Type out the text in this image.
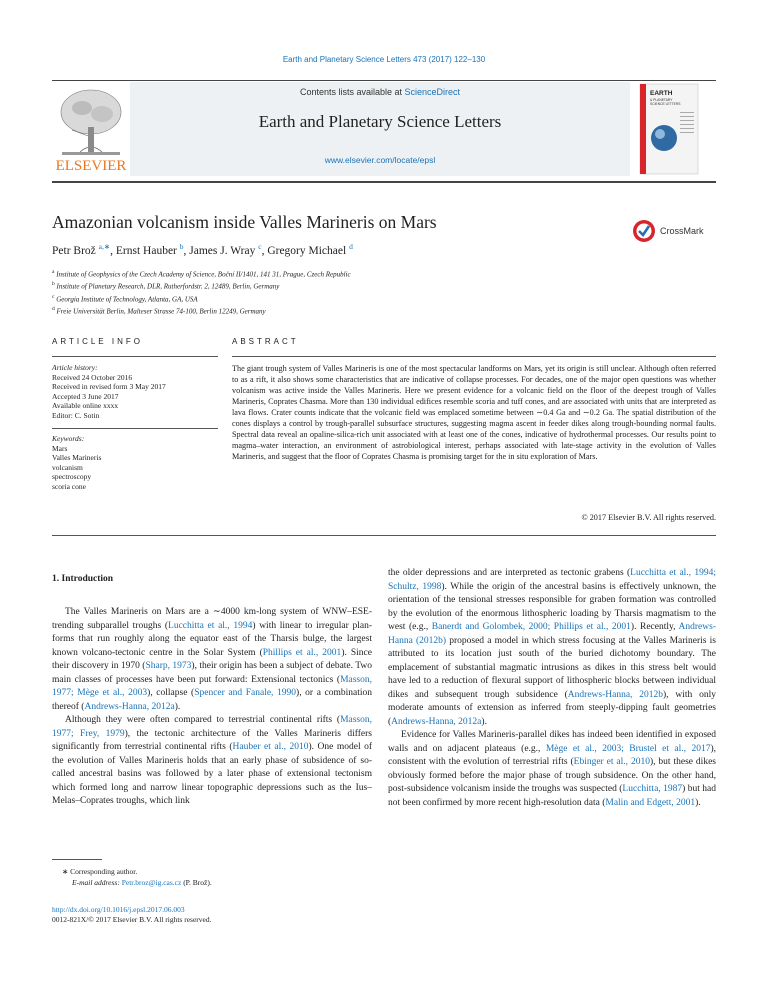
Earth and Planetary Science Letters 473 (2017) 122–130
ELSEVIER
Contents lists available at ScienceDirect
Earth and Planetary Science Letters
www.elsevier.com/locate/epsl
EARTH
& PLANETARY
SCIENCE LETTERS
Amazonian volcanism inside Valles Marineris on Mars	CrossMark
Petr Brož $^{a,∗}$, Ernst Hauber $^b$, James J. Wray $^c$, Gregory Michael $^d$
$^a$ Institute of Geophysics of the Czech Academy of Science, Boční II/1401, 141 31, Prague, Czech Republic
$^b$ Institute of Planetary Research, DLR, Rutherfordstr. 2, 12489, Berlin, Germany
$^c$ Georgia Institute of Technology, Atlanta, GA, USA
$^d$ Freie Universität Berlin, Malteser Strasse 74-100, Berlin 12249, Germany
ARTICLE INFO	ABSTRACT
Article history:
Received 24 October 2016
Received in revised form 3 May 2017
Accepted 3 June 2017
Available online xxxx
Editor: C. Sotin
Keywords:
Mars
Valles Marineris
volcanism
spectroscopy
scoria cone
The giant trough system of Valles Marineris is one of the most spectacular landforms on Mars, yet its origin is still unclear. Although often referred to as a rift, it also shows some characteristics that are indicative of collapse processes. For decades, one of the major open questions was whether volcanism was active inside the Valles Marineris. Here we present evidence for a volcanic field on the floor of the deepest trough of Valles Marineris, Coprates Chasma. More than 130 individual edifices resemble scoria and tuff cones, and are associated with units that are interpreted as lava flows. Crater counts indicate that the volcanic field was emplaced sometime between ∼0.4 Ga and ∼0.2 Ga. The spatial distribution of the cones displays a control by trough-parallel subsurface structures, suggesting magma ascent in feeder dikes along trough-bounding normal faults. Spectral data reveal an opaline-silica-rich unit associated with at least one of the cones, indicative of hydrothermal processes. Our results point to magma–water interaction, an environment of astrobiological interest, perhaps associated with late-stage activity in the evolution of Valles Marineris, and suggest that the floor of Coprates Chasma is promising target for the in situ exploration of Mars.
© 2017 Elsevier B.V. All rights reserved.
1. Introduction

The Valles Marineris on Mars are a ∼4000 km-long system of WNW–ESE-trending subparallel troughs (Lucchitta et al., 1994) with linear to irregular plan-forms that run roughly along the equator east of the Tharsis bulge, the largest known volcano-tectonic centre in the Solar System (Phillips et al., 2001). Since their discovery in 1970 (Sharp, 1973), their origin has been a subject of debate. Two main classes of processes have been put forward: Extensional tectonics (Masson, 1977; Mège et al., 2003), collapse (Spencer and Fanale, 1990), or a combination thereof (Andrews-Hanna, 2012a).

Although they were often compared to terrestrial continental rifts (Masson, 1977; Frey, 1979), the tectonic architecture of the Valles Marineris differs significantly from terrestrial continental rifts (Hauber et al., 2010). One model of the evolution of Valles Marineris holds that an early phase of subsidence of so-called ancestral basins was followed by a later phase of extensional tectonism which formed long and narrow linear topographic depressions such as the Ius–Melas–Coprates troughs, which link

the older depressions and are interpreted as tectonic grabens (Lucchitta et al., 1994; Schultz, 1998). While the origin of the ancestral basins is effectively unknown, the orientation of the tensional stresses responsible for graben formation was controlled by the evolution of the enormous lithospheric loading by Tharsis magmatism to the west (e.g., Banerdt and Golombek, 2000; Phillips et al., 2001). Recently, Andrews-Hanna (2012b) proposed a model in which stress focusing at the Valles Marineris is attributed to its location just south of the buried dichotomy boundary. The emplacement of substantial magmatic intrusions as dikes in this stress belt would have led to a reduction of flexural support of lithospheric blocks between individual dikes and subsequent trough subsidence (Andrews-Hanna, 2012b), with only moderate amounts of extension as inferred from steeply-dipping fault geometries (Andrews-Hanna, 2012a).

Evidence for Valles Marineris-parallel dikes has indeed been identified in exposed walls and on adjacent plateaus (e.g., Mège et al., 2003; Brustel et al., 2017), consistent with the evolution of terrestrial rifts (Ebinger et al., 2010), but these dikes obviously formed before the major phase of trough subsidence. On the other hand, post-subsidence volcanism inside the troughs was suspected (Lucchitta, 1987) but had not been confirmed by more recent high-resolution data (Malin and Edgett, 2001).

∗ Corresponding author.
E-mail address: Petr.broz@ig.cas.cz (P. Brož).
http://dx.doi.org/10.1016/j.epsl.2017.06.003
0012-821X/© 2017 Elsevier B.V. All rights reserved.
